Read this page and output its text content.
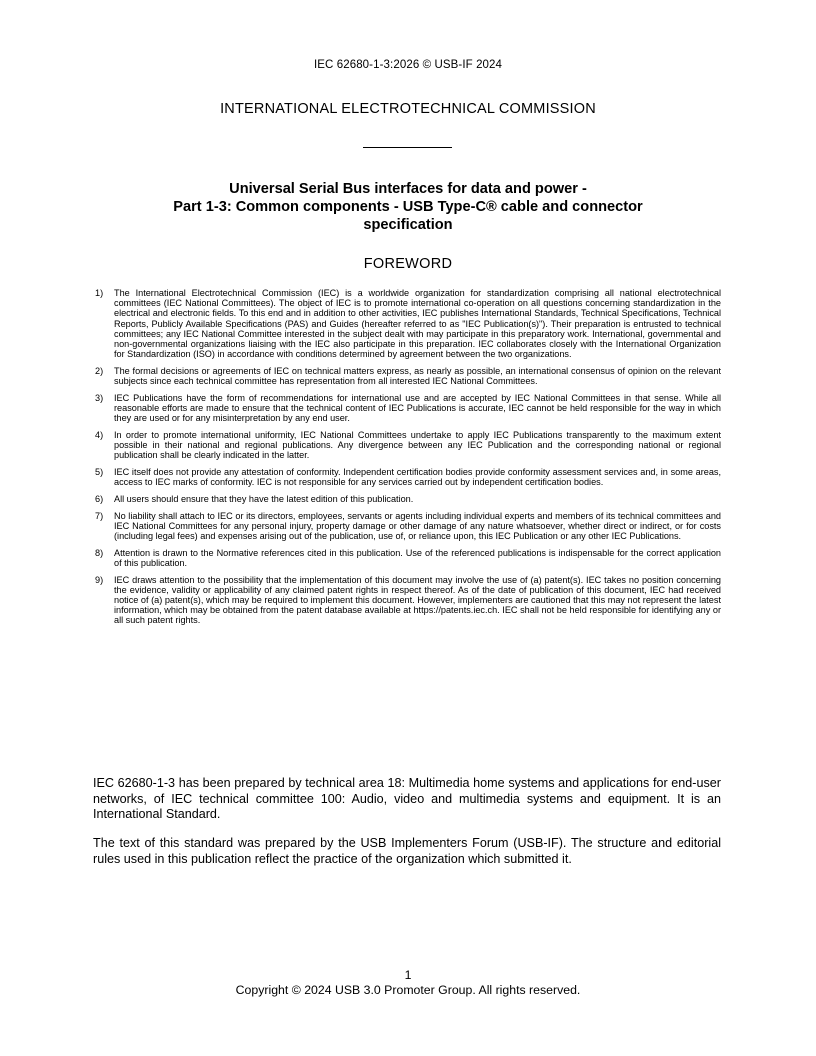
IEC 62680-1-3:2026 © USB-IF 2024
INTERNATIONAL ELECTROTECHNICAL COMMISSION
Universal Serial Bus interfaces for data and power -
Part 1-3: Common components - USB Type-C® cable and connector
specification
FOREWORD
1) The International Electrotechnical Commission (IEC) is a worldwide organization for standardization comprising all national electrotechnical committees (IEC National Committees). The object of IEC is to promote international co-operation on all questions concerning standardization in the electrical and electronic fields. To this end and in addition to other activities, IEC publishes International Standards, Technical Specifications, Technical Reports, Publicly Available Specifications (PAS) and Guides (hereafter referred to as "IEC Publication(s)"). Their preparation is entrusted to technical committees; any IEC National Committee interested in the subject dealt with may participate in this preparatory work. International, governmental and non-governmental organizations liaising with the IEC also participate in this preparation. IEC collaborates closely with the International Organization for Standardization (ISO) in accordance with conditions determined by agreement between the two organizations.
2) The formal decisions or agreements of IEC on technical matters express, as nearly as possible, an international consensus of opinion on the relevant subjects since each technical committee has representation from all interested IEC National Committees.
3) IEC Publications have the form of recommendations for international use and are accepted by IEC National Committees in that sense. While all reasonable efforts are made to ensure that the technical content of IEC Publications is accurate, IEC cannot be held responsible for the way in which they are used or for any misinterpretation by any end user.
4) In order to promote international uniformity, IEC National Committees undertake to apply IEC Publications transparently to the maximum extent possible in their national and regional publications. Any divergence between any IEC Publication and the corresponding national or regional publication shall be clearly indicated in the latter.
5) IEC itself does not provide any attestation of conformity. Independent certification bodies provide conformity assessment services and, in some areas, access to IEC marks of conformity. IEC is not responsible for any services carried out by independent certification bodies.
6) All users should ensure that they have the latest edition of this publication.
7) No liability shall attach to IEC or its directors, employees, servants or agents including individual experts and members of its technical committees and IEC National Committees for any personal injury, property damage or other damage of any nature whatsoever, whether direct or indirect, or for costs (including legal fees) and expenses arising out of the publication, use of, or reliance upon, this IEC Publication or any other IEC Publications.
8) Attention is drawn to the Normative references cited in this publication. Use of the referenced publications is indispensable for the correct application of this publication.
9) IEC draws attention to the possibility that the implementation of this document may involve the use of (a) patent(s). IEC takes no position concerning the evidence, validity or applicability of any claimed patent rights in respect thereof. As of the date of publication of this document, IEC had received notice of (a) patent(s), which may be required to implement this document. However, implementers are cautioned that this may not represent the latest information, which may be obtained from the patent database available at https://patents.iec.ch. IEC shall not be held responsible for identifying any or all such patent rights.

IEC 62680-1-3 has been prepared by technical area 18: Multimedia home systems and applications for end-user networks, of IEC technical committee 100: Audio, video and multimedia systems and equipment. It is an International Standard.

The text of this standard was prepared by the USB Implementers Forum (USB-IF). The structure and editorial rules used in this publication reflect the practice of the organization which submitted it.

1
Copyright © 2024 USB 3.0 Promoter Group. All rights reserved.
